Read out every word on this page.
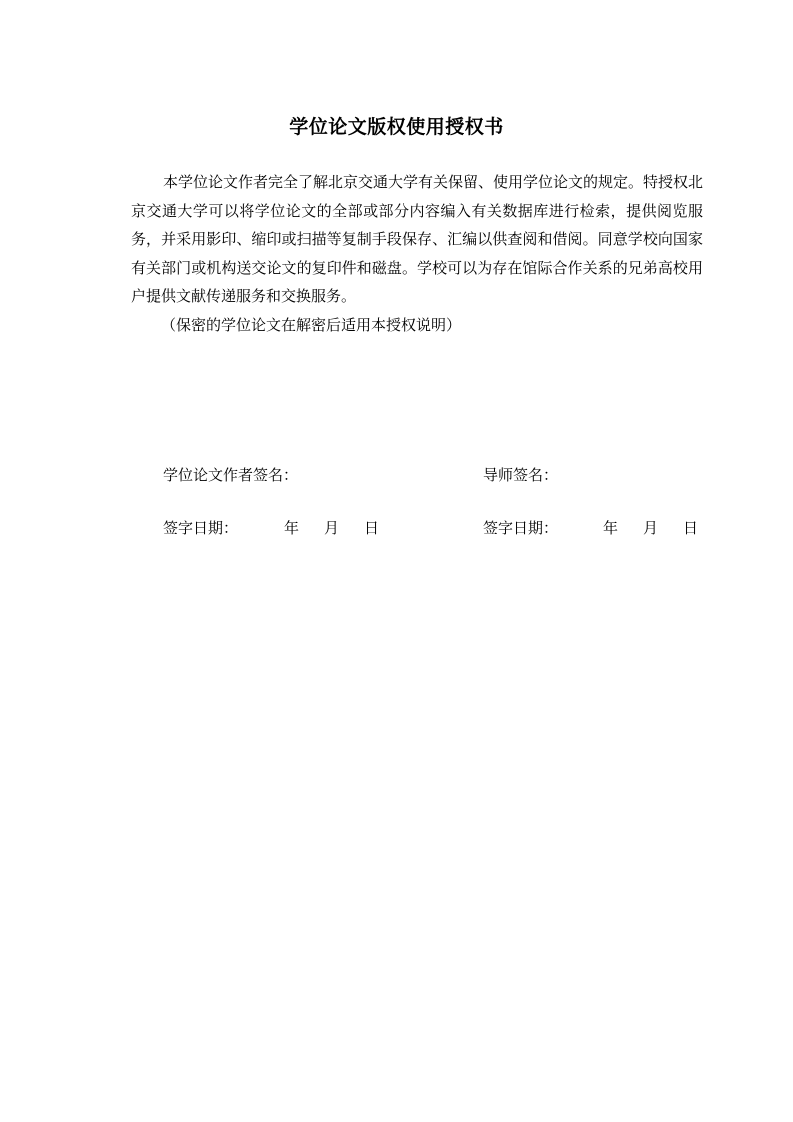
学位论文版权使用授权书

本学位论文作者完全了解北京交通大学有关保留、使用学位论文的规定。特授权北京交通大学可以将学位论文的全部或部分内容编入有关数据库进行检索，提供阅览服务，并采用影印、缩印或扫描等复制手段保存、汇编以供查阅和借阅。同意学校向国家有关部门或机构送交论文的复印件和磁盘。学校可以为存在馆际合作关系的兄弟高校用户提供文献传递服务和交换服务。

（保密的学位论文在解密后适用本授权说明）

学位论文作者签名：	导师签名：
签字日期：	年 月 日	签字日期：	年 月 日
